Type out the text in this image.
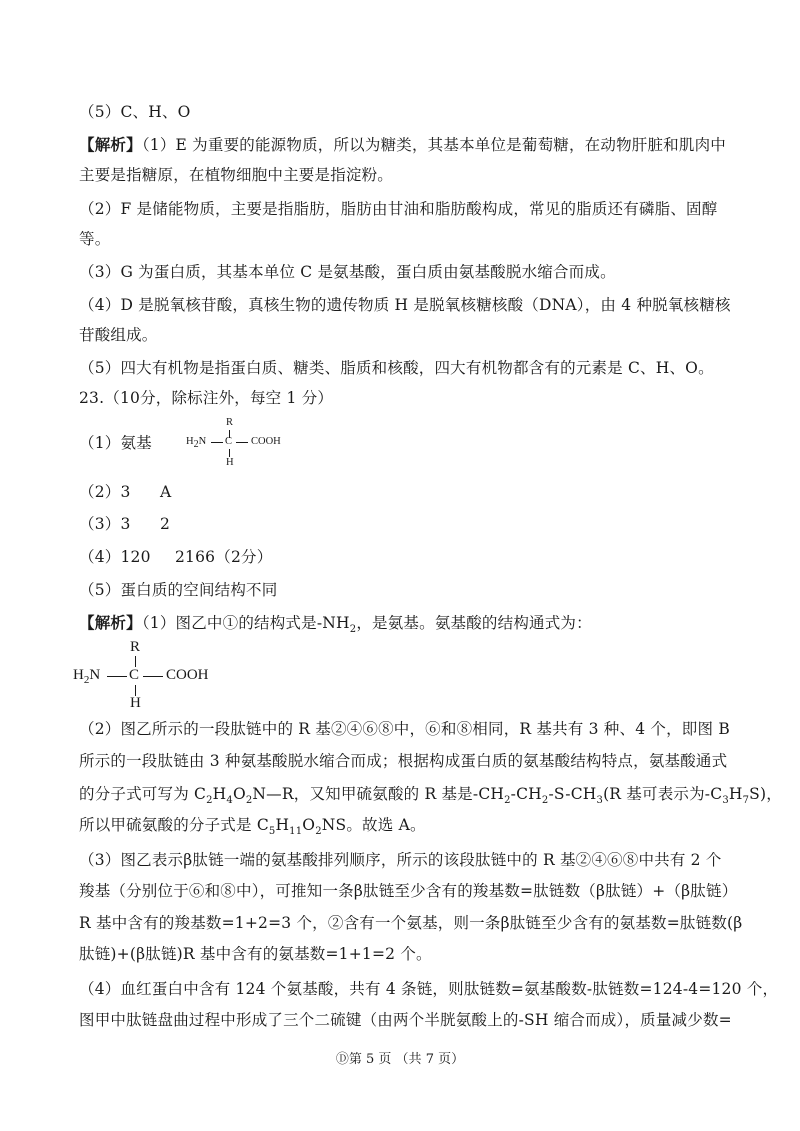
（5）C、H、O
【解析】（1）E 为重要的能源物质，所以为糖类，其基本单位是葡萄糖，在动物肝脏和肌肉中
主要是指糖原，在植物细胞中主要是指淀粉。
（2）F 是储能物质，主要是指脂肪，脂肪由甘油和脂肪酸构成，常见的脂质还有磷脂、固醇
等。
（3）G 为蛋白质，其基本单位 C 是氨基酸，蛋白质由氨基酸脱水缩合而成。
（4）D 是脱氧核苷酸，真核生物的遗传物质 H 是脱氧核糖核酸（DNA），由 4 种脱氧核糖核
苷酸组成。
（5）四大有机物是指蛋白质、糖类、脂质和核酸，四大有机物都含有的元素是 C、H、O。
23.（10分，除标注外，每空 1 分）
（1）氨基
R
$H_2N$ C COOH
H
（2）3 A
（3）3 2
（4）120 2166（2分）
（5）蛋白质的空间结构不同
【解析】（1）图乙中①的结构式是$-NH_2$，是氨基。氨基酸的结构通式为：
R
$H_2N$ C COOH
H
（2）图乙所示的一段肽链中的 R 基②④⑥⑧中，⑥和⑧相同，R 基共有 3 种、4 个，即图 B
所示的一段肽链由 3 种氨基酸脱水缩合而成；根据构成蛋白质的氨基酸结构特点，氨基酸通式
的分子式可写为 $C_2H_4O_2N—R$，又知甲硫氨酸的 R 基是$-CH_2-CH_2-S-CH_3(R$ 基可表示为$-C_3H_7S$)，
所以甲硫氨酸的分子式是 $C_5H_{11}O_2NS$。故选 A。
（3）图乙表示β肽链一端的氨基酸排列顺序，所示的该段肽链中的 R 基②④⑥⑧中共有 2 个
羧基（分别位于⑥和⑧中），可推知一条β肽链至少含有的羧基数=肽链数（β肽链）+（β肽链）
R 基中含有的羧基数=1+2=3 个，②含有一个氨基，则一条β肽链至少含有的氨基数=肽链数(β
肽链)+(β肽链)R 基中含有的氨基数=1+1=2 个。
（4）血红蛋白中含有 124 个氨基酸，共有 4 条链，则肽链数=氨基酸数-肽链数=124-4=120 个，
图甲中肽链盘曲过程中形成了三个二硫键（由两个半胱氨酸上的-SH 缩合而成），质量减少数=
Ⓓ第 5 页 （共 7 页）
